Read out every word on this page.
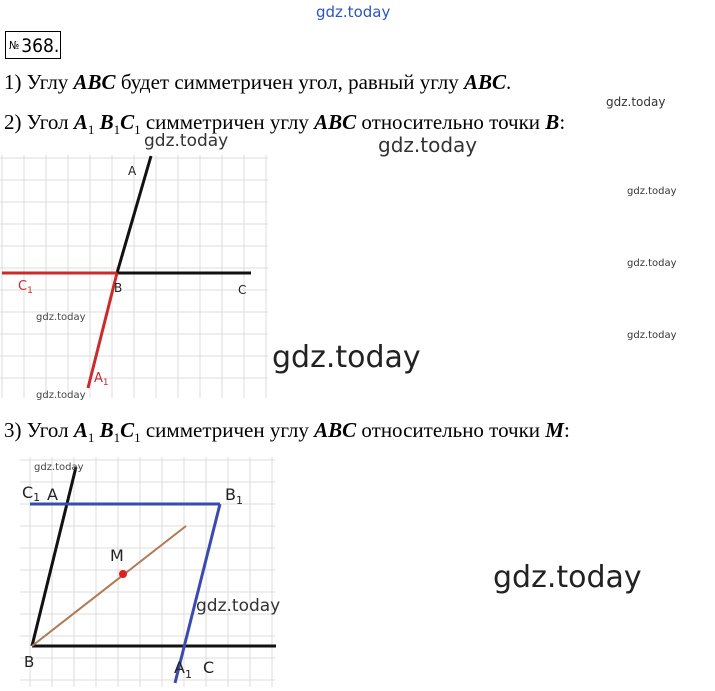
gdz.today
№ 368.
1) Углу ABC будет симметричен угол, равный углу ABC.
gdz.today
2) Угол $A_1$ $B_1C_1$ симметричен углу ABC относительно точки B:
gdz.today	gdz.today
gdz.today
gdz.today
gdz.today
gdz.today
A
B	C
$C_1$
$A_1$
gdz.today
gdz.today
3) Угол $A_1$ $B_1C_1$ симметричен углу ABC относительно точки M:
gdz.today
C1 A	$B_1$
M
B	$A_1$ C
gdz.today
gdz.today
